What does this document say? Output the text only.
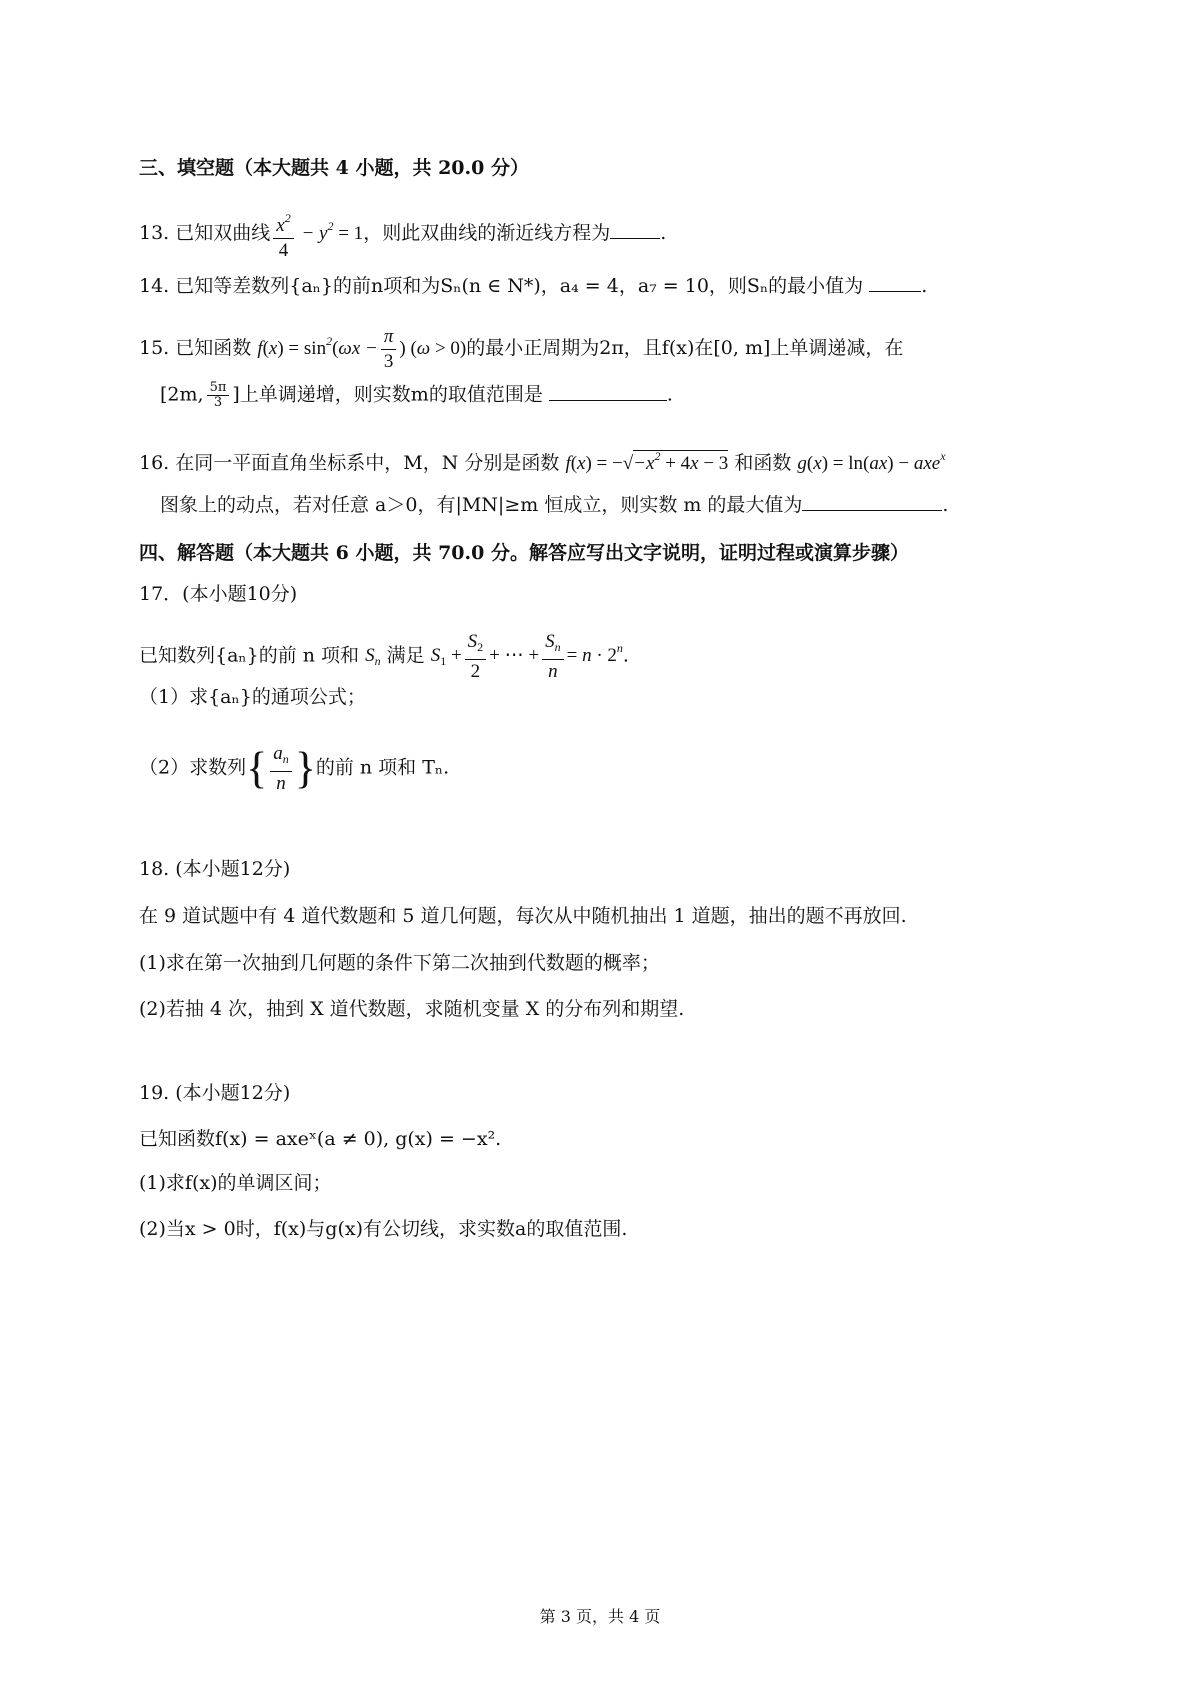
三、填空题（本大题共 4 小题，共 20.0 分）
13. 已知双曲线 $\frac{x^2}{4} - y^2 = 1$，则此双曲线的渐近线方程为	.
14. 已知等差数列{aₙ}的前n项和为Sₙ(n ∈ N*)，a₄ = 4，a₇ = 10，则Sₙ的最小值为	.
15. 已知函数 $f(x) = \sin^2(\omega x - \frac{\pi}{3}$ ) (ω > 0)的最小正周期为2π，且f(x)在[0, m]上单调递减，在
[2m, $\frac{5\pi}{3}$ ]上单调递增，则实数m的取值范围是	.
16. 在同一平面直角坐标系中，M，N 分别是函数 $f(x) = -√-x^2 + 4x - 3$ 和函数 g(x) = ln(ax) − axe$^x$
图象上的动点，若对任意 a＞0，有|MN|≥m 恒成立，则实数 m 的最大值为	.
四、解答题（本大题共 6 小题，共 70.0 分。解答应写出文字说明，证明过程或演算步骤）
17．(本小题10分)
已知数列{aₙ}的前 n 项和 $S_n$ 满足 $S_1 + \frac{S_2}{2}$ + ⋯ + $\frac{S_n}{n} = n \cdot 2^n$.
（1）求{aₙ}的通项公式；
（2）求数列{ $\frac{a_n}{n}$ }的前 n 项和 Tₙ.
18. (本小题12分)
在 9 道试题中有 4 道代数题和 5 道几何题，每次从中随机抽出 1 道题，抽出的题不再放回.
(1)求在第一次抽到几何题的条件下第二次抽到代数题的概率；
(2)若抽 4 次，抽到 X 道代数题，求随机变量 X 的分布列和期望.
19. (本小题12分)
已知函数f(x) = axeˣ(a ≠ 0), g(x) = −x².
(1)求f(x)的单调区间；
(2)当x > 0时，f(x)与g(x)有公切线，求实数a的取值范围.
第 3 页，共 4 页
